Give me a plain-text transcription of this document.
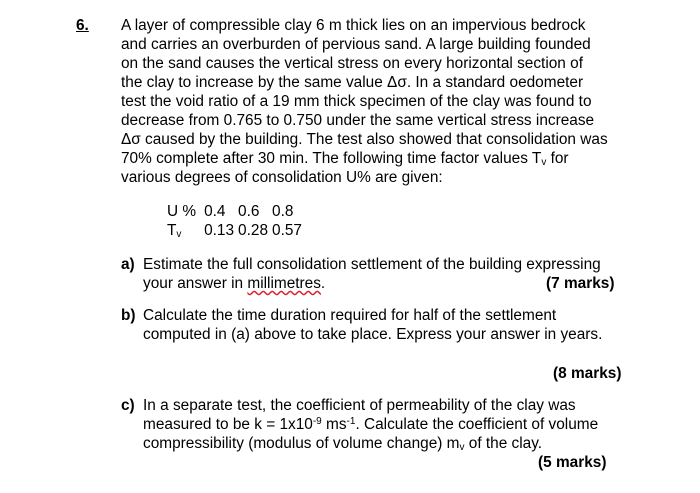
6. A layer of compressible clay 6 m thick lies on an impervious bedrock
and carries an overburden of pervious sand. A large building founded
on the sand causes the vertical stress on every horizontal section of
the clay to increase by the same value Δσ. In a standard oedometer
test the void ratio of a 19 mm thick specimen of the clay was found to
decrease from 0.765 to 0.750 under the same vertical stress increase
Δσ caused by the building. The test also showed that consolidation was
70% complete after 30 min. The following time factor values $T_v$ for
various degrees of consolidation U% are given:
U %	0.4	0.6	0.8
$T_v$	0.13	0.28	0.57
a) Estimate the full consolidation settlement of the building expressing
your answer in millimetres.	(7 marks)
b) Calculate the time duration required for half of the settlement
computed in (a) above to take place. Express your answer in years.
(8 marks)
c) In a separate test, the coefficient of permeability of the clay was
measured to be $k = 1x10^{-9}$ $ms^{-1}$. Calculate the coefficient of volume
compressibility (modulus of volume change) $m_v$ of the clay.
(5 marks)
